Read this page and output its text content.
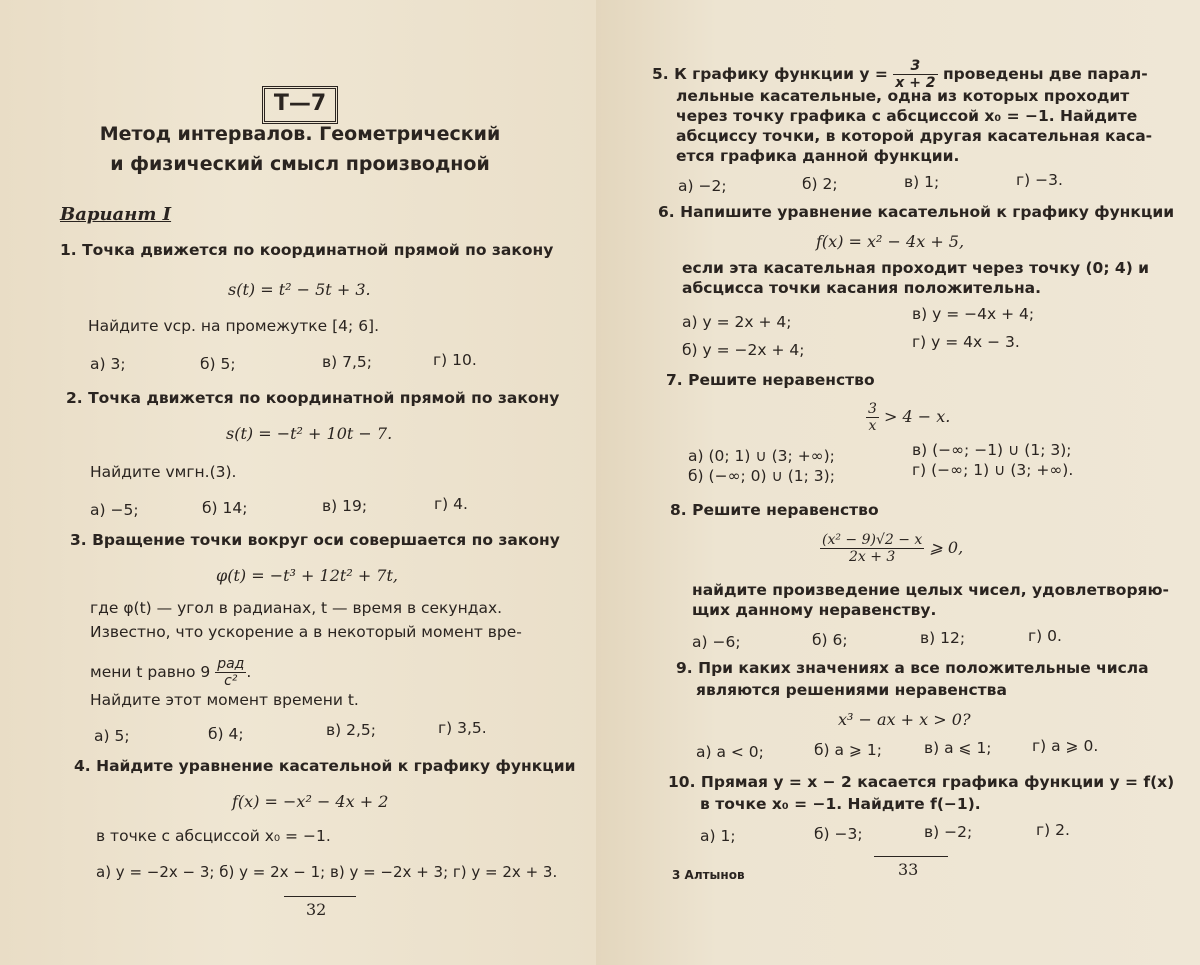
Т—7
Метод интервалов. Геометрический
и физический смысл производной
Вариант I
1. Точка движется по координатной прямой по закону
s(t) = t² − 5t + 3.
Найдите vср. на промежутке [4; 6].
а) 3;	б) 5;	в) 7,5;	г) 10.
2. Точка движется по координатной прямой по закону
s(t) = −t² + 10t − 7.
Найдите vмгн.(3).
а) −5;	б) 14;	в) 19;	г) 4.
3. Вращение точки вокруг оси совершается по закону
φ(t) = −t³ + 12t² + 7t,
где φ(t) — угол в радианах, t — время в секундах.
Известно, что ускорение a в некоторый момент вре-
мени t равно $9 \frac{\text{рад}}{\text{с²}}$ .
Найдите этот момент времени t.
а) 5;	б) 4;	в) 2,5;	г) 3,5.
4. Найдите уравнение касательной к графику функции
f(x) = −x² − 4x + 2
в точке с абсциссой x₀ = −1.
а) y = −2x − 3; б) y = 2x − 1; в) y = −2x + 3; г) y = 2x + 3.
32
5. К графику функции $y = \frac{3}{x + 2}$ проведены две парал-
лельные касательные, одна из которых проходит
через точку графика с абсциссой x₀ = −1. Найдите
абсциссу точки, в которой другая касательная каса-
ется графика данной функции.
а) −2;	б) 2;	в) 1;	г) −3.
6. Напишите уравнение касательной к графику функции
f(x) = x² − 4x + 5,
если эта касательная проходит через точку (0; 4) и
абсцисса точки касания положительна.
а) y = 2x + 4;	в) y = −4x + 4;
б) y = −2x + 4;	г) y = 4x − 3.
7. Решите неравенство
$\frac{3}{x} > 4 - x$.
а) (0; 1) ∪ (3; +∞);	в) (−∞; −1) ∪ (1; 3);
б) (−∞; 0) ∪ (1; 3);	г) (−∞; 1) ∪ (3; +∞).
8. Решите неравенство
$\frac{\text{(x² − 9)√2 − x}}{2x + 3}$ ⩾ 0,
найдите произведение целых чисел, удовлетворяю-
щих данному неравенству.
а) −6;	б) 6;	в) 12;	г) 0.
9. При каких значениях a все положительные числа
являются решениями неравенства
x³ − ax + x > 0?
а) a < 0;	б) a ⩾ 1;	в) a ⩽ 1;	г) a ⩾ 0.
10. Прямая y = x − 2 касается графика функции y = f(x)
в точке x₀ = −1. Найдите f(−1).
а) 1;	б) −3;	в) −2;	г) 2.
3 Алтынов	33
